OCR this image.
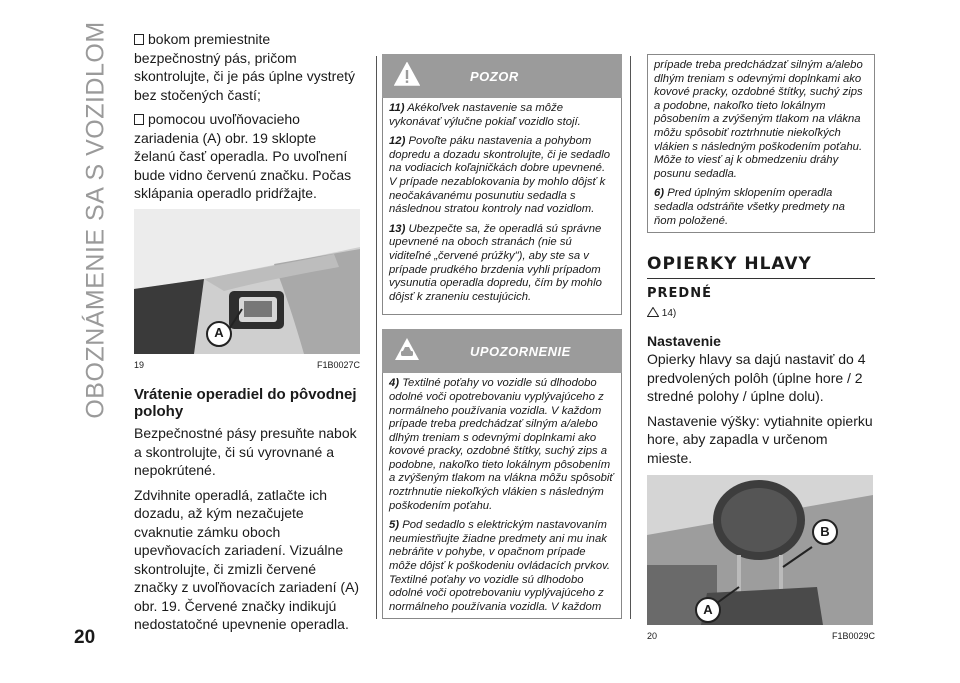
OBOZNÁMENIE SA S VOZIDLOM	bokom premiestnite bezpečnostný pás, pričom skontrolujte, či je pás úplne vystretý bez stočených častí;

pomocou uvoľňovacieho zariadenia (A) obr. 19 sklopte želanú časť operadla. Po uvoľnení bude vidno červenú značku. Počas sklápania operadlo pridŕžajte.

A
19	F1B0027C
Vrátenie operadiel do pôvodnej polohy

Bezpečnostné pásy presuňte nabok a skontrolujte, či sú vyrovnané a nepokrútené.

Zdvihnite operadlá, zatlačte ich dozadu, až kým nezačujete cvaknutie zámku oboch upevňovacích zariadení. Vizuálne skontrolujte, či zmizli červené značky z uvoľňovacích zariadení (A) obr. 19. Červené značky indikujú nedostatočné upevnenie operadla.

POZOR

11) Akékoľvek nastavenie sa môže vykonávať výlučne pokiaľ vozidlo stojí.

12) Povoľte páku nastavenia a pohybom dopredu a dozadu skontrolujte, či je sedadlo na vodiacich koľajničkách dobre upevnené. V prípade nezablokovania by mohlo dôjsť k neočakávanému posunutiu sedadla s následnou stratou kontroly nad vozidlom.

13) Ubezpečte sa, že operadlá sú správne upevnené na oboch stranách (nie sú viditeľné „červené prúžky"), aby ste sa v prípade prudkého brzdenia vyhli prípadom vysunutia operadla dopredu, čím by mohlo dôjsť k zraneniu cestujúcich.

UPOZORNENIE

4) Textilné poťahy vo vozidle sú dlhodobo odolné voči opotrebovaniu vyplývajúceho z normálneho používania vozidla. V každom prípade treba predchádzať silným a/alebo dlhým treniam s odevnými doplnkami ako kovové pracky, ozdobné štítky, suchý zips a podobne, nakoľko tieto lokálnym pôsobením a zvýšeným tlakom na vlákna môžu spôsobiť roztrhnutie niekoľkých vlákien s následným poškodením poťahu.

5) Pod sedadlo s elektrickým nastavovaním neumiestňujte žiadne predmety ani mu inak nebráňte v pohybe, v opačnom prípade môže dôjsť k poškodeniu ovládacích prvkov. Textilné poťahy vo vozidle sú dlhodobo odolné voči opotrebovaniu vyplývajúceho z normálneho používania vozidla. V každom

prípade treba predchádzať silným a/alebo dlhým treniam s odevnými doplnkami ako kovové pracky, ozdobné štítky, suchý zips a podobne, nakoľko tieto lokálnym pôsobením a zvýšeným tlakom na vlákna môžu spôsobiť roztrhnutie niekoľkých vlákien s následným poškodením poťahu. Môže to viesť aj k obmedzeniu dráhy posunu sedadla.

6) Pred úplným sklopením operadla sedadla odstráňte všetky predmety na ňom položené.

OPIERKY HLAVY
PREDNÉ
14)
Nastavenie

Opierky hlavy sa dajú nastaviť do 4 predvolených polôh (úplne hore / 2 stredné polohy / úplne dolu).

Nastavenie výšky: vytiahnite opierku hore, aby zapadla v určenom mieste.

A
B
20	F1B0029C
20
